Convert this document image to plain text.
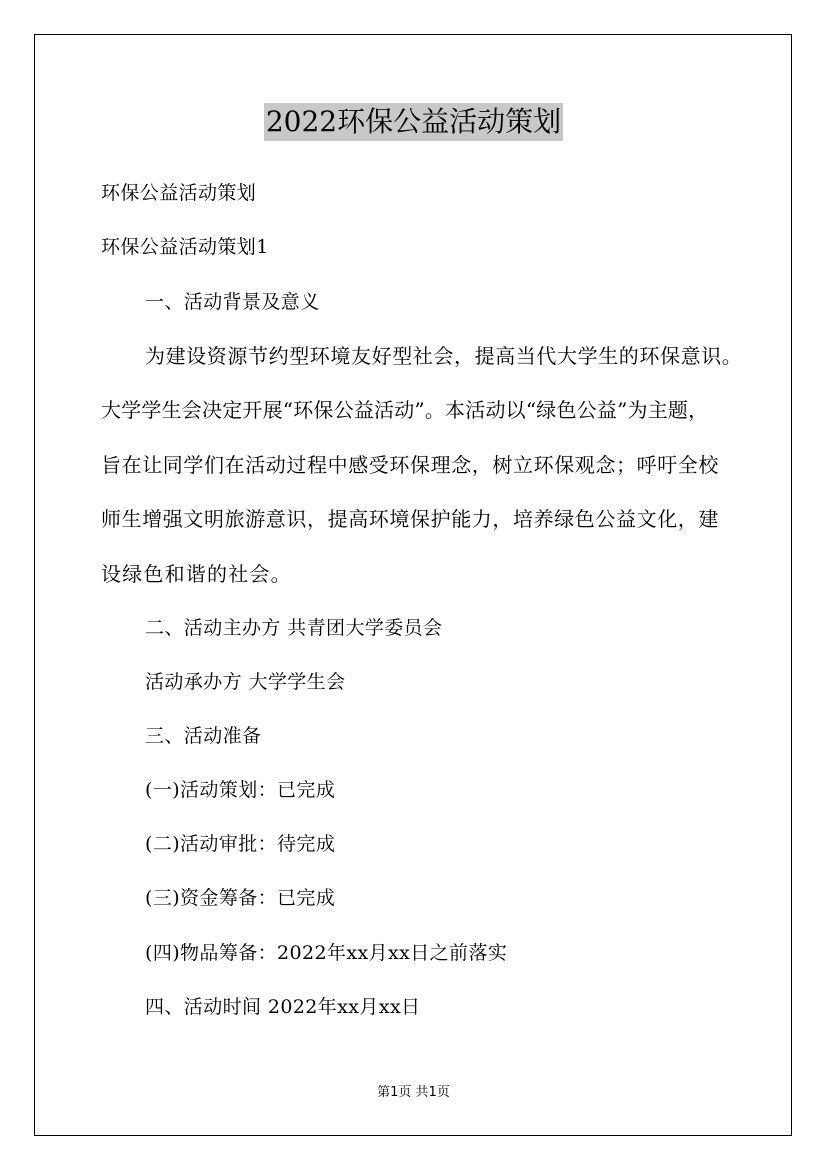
2022环保公益活动策划
环保公益活动策划
环保公益活动策划1
一、活动背景及意义
为建设资源节约型环境友好型社会，提高当代大学生的环保意识。
大学学生会决定开展“环保公益活动”。本活动以“绿色公益”为主题，
旨在让同学们在活动过程中感受环保理念，树立环保观念；呼吁全校
师生增强文明旅游意识，提高环境保护能力，培养绿色公益文化，建
设绿色和谐的社会。
二、活动主办方 共青团大学委员会
活动承办方 大学学生会
三、活动准备
(一)活动策划：已完成
(二)活动审批：待完成
(三)资金筹备：已完成
(四)物品筹备：2022年xx月xx日之前落实
四、活动时间 2022年xx月xx日
第1页 共1页
